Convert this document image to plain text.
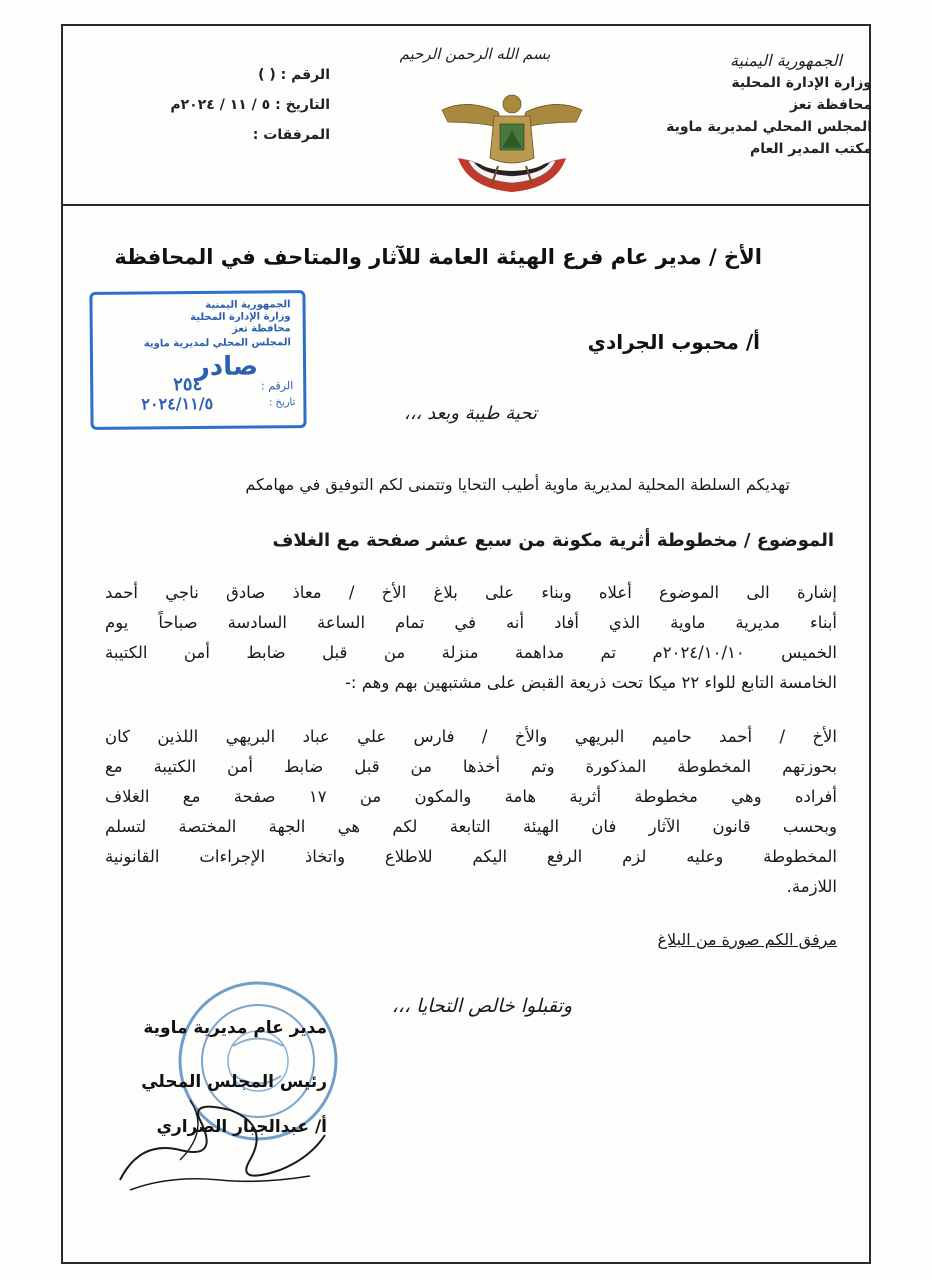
الجمهورية اليمنية
وزارة الإدارة المحلية
محافظة تعز
المجلس المحلي لمديرية ماوية
مكتب المدير العام
بسم الله الرحمن الرحيم
الرقم : ( )
التاريخ : ٥ / ١١ / ٢٠٢٤م
المرفقات :
الأخ / مدير عام فرع الهيئة العامة للآثار والمتاحف في المحافظة
أ/ محبوب الجرادي
الجمهورية اليمنية
وزارة الإدارة المحلية
محافظة تعز
المجلس المحلي لمديرية ماوية
صادر
الرقم :
٢٥٤
تاريخ :
٢٠٢٤/١١/٥	تحية طيبة وبعد ،،،
تهديكم السلطة المحلية لمديرية ماوية أطيب التحايا وتتمنى لكم التوفيق في مهامكم
الموضوع / مخطوطة أثرية مكونة من سبع عشر صفحة مع الغلاف
إشارة الى الموضوع أعلاه وبناء على بلاغ الأخ / معاذ صادق ناجي أحمد
أبناء مديرية ماوية الذي أفاد أنه في تمام الساعة السادسة صباحاً يوم
الخميس ٢٠٢٤/١٠/١٠م تم مداهمة منزلة من قبل ضابط أمن الكتيبة
الخامسة التابع للواء ٢٢ ميكا تحت ذريعة القبض على مشتبهين بهم وهم :-
الأخ / أحمد حاميم البريهي والأخ / فارس علي عباد البريهي اللذين كان
بحوزتهم المخطوطة المذكورة وتم أخذها من قبل ضابط أمن الكتيبة مع
أفراده وهي مخطوطة أثرية هامة والمكون من ١٧ صفحة مع الغلاف
وبحسب قانون الآثار فان الهيئة التابعة لكم هي الجهة المختصة لتسلم
المخطوطة وعليه لزم الرفع اليكم للاطلاع واتخاذ الإجراءات القانونية
اللازمة.
مرفق الكم صورة من البلاغ
وتقبلوا خالص التحايا ،،،
مدير عام مديرية ماوية
رئيس المجلس المحلي
أ/ عبدالجبار الصراري
